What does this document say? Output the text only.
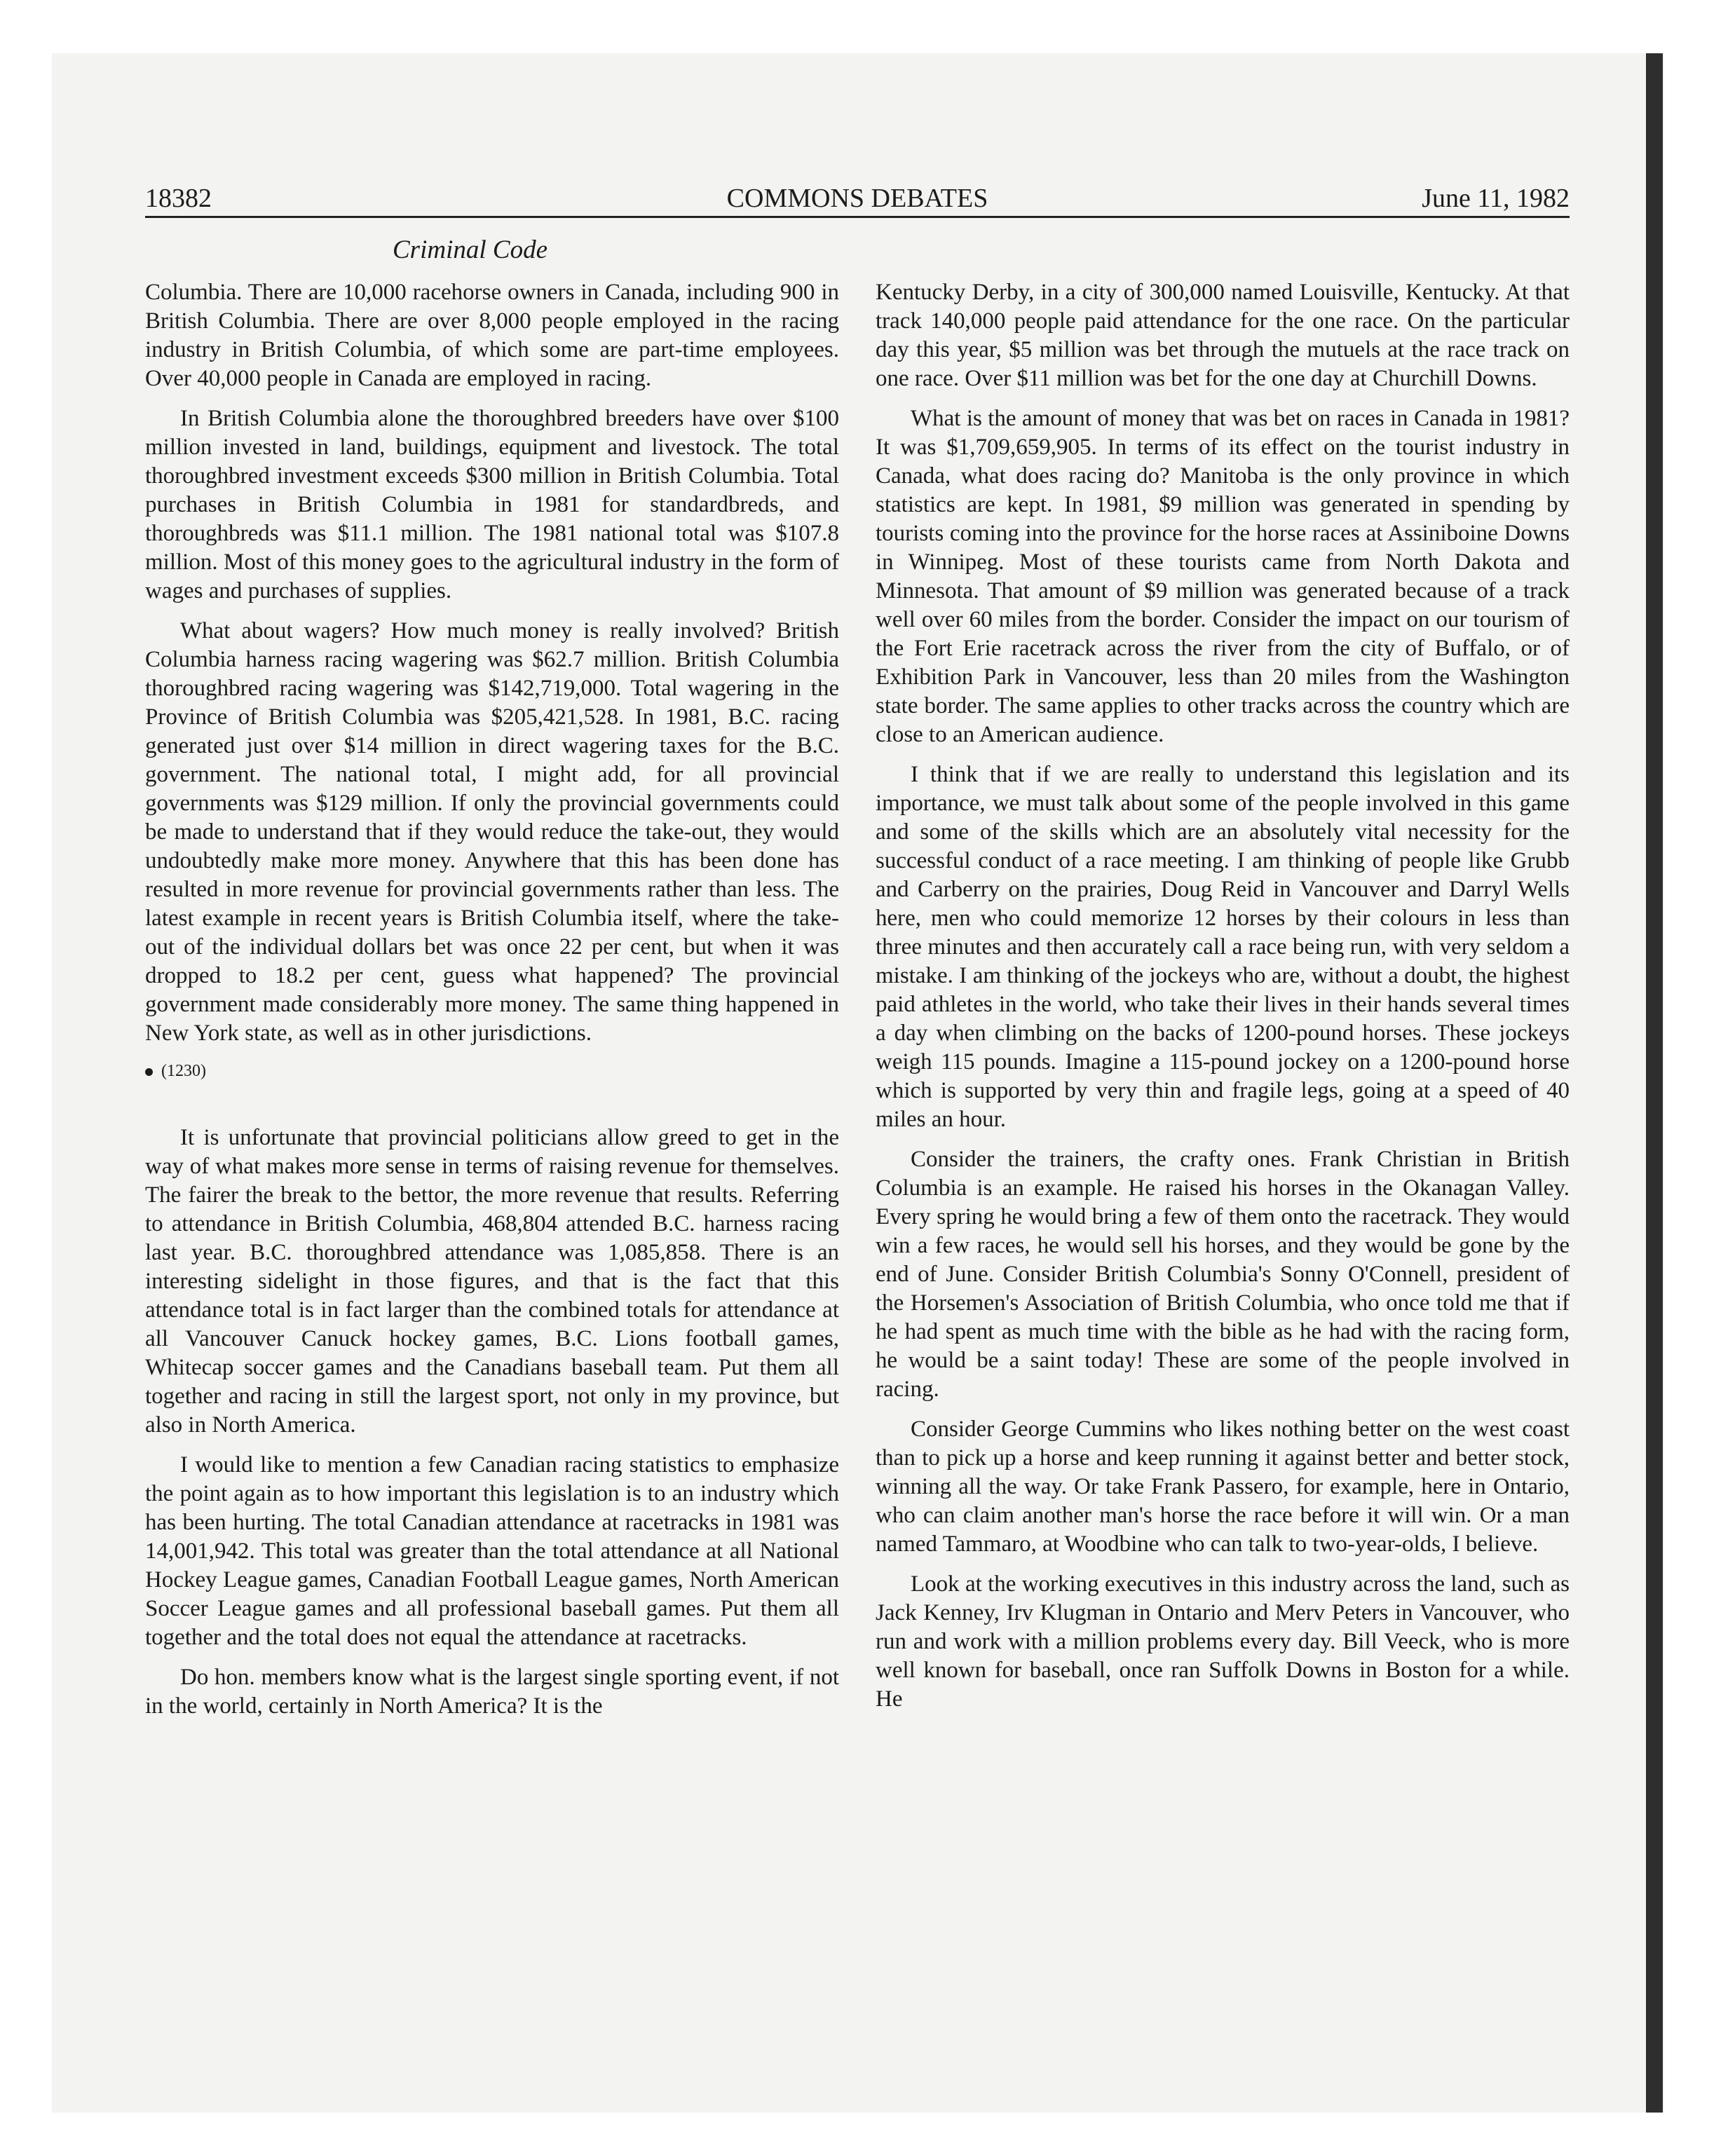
18382	COMMONS DEBATES	June 11, 1982
Criminal Code

Columbia. There are 10,000 racehorse owners in Canada, including 900 in British Columbia. There are over 8,000 people employed in the racing industry in British Columbia, of which some are part-time employees. Over 40,000 people in Canada are employed in racing.

In British Columbia alone the thoroughbred breeders have over $100 million invested in land, buildings, equipment and livestock. The total thoroughbred investment exceeds $300 million in British Columbia. Total purchases in British Columbia in 1981 for standardbreds, and thoroughbreds was $11.1 million. The 1981 national total was $107.8 million. Most of this money goes to the agricultural industry in the form of wages and purchases of supplies.

What about wagers? How much money is really involved? British Columbia harness racing wagering was $62.7 million. British Columbia thoroughbred racing wagering was $142,719,000. Total wagering in the Province of British Columbia was $205,421,528. In 1981, B.C. racing generated just over $14 million in direct wagering taxes for the B.C. government. The national total, I might add, for all provincial governments was $129 million. If only the provincial governments could be made to understand that if they would reduce the take-out, they would undoubtedly make more money. Anywhere that this has been done has resulted in more revenue for provincial governments rather than less. The latest example in recent years is British Columbia itself, where the take-out of the individual dollars bet was once 22 per cent, but when it was dropped to 18.2 per cent, guess what happened? The provincial government made considerably more money. The same thing happened in New York state, as well as in other jurisdictions.

(1230)

It is unfortunate that provincial politicians allow greed to get in the way of what makes more sense in terms of raising revenue for themselves. The fairer the break to the bettor, the more revenue that results. Referring to attendance in British Columbia, 468,804 attended B.C. harness racing last year. B.C. thoroughbred attendance was 1,085,858. There is an interesting sidelight in those figures, and that is the fact that this attendance total is in fact larger than the combined totals for attendance at all Vancouver Canuck hockey games, B.C. Lions football games, Whitecap soccer games and the Canadians baseball team. Put them all together and racing in still the largest sport, not only in my province, but also in North America.

I would like to mention a few Canadian racing statistics to emphasize the point again as to how important this legislation is to an industry which has been hurting. The total Canadian attendance at racetracks in 1981 was 14,001,942. This total was greater than the total attendance at all National Hockey League games, Canadian Football League games, North American Soccer League games and all professional baseball games. Put them all together and the total does not equal the attendance at racetracks.

Do hon. members know what is the largest single sporting event, if not in the world, certainly in North America? It is the

Kentucky Derby, in a city of 300,000 named Louisville, Kentucky. At that track 140,000 people paid attendance for the one race. On the particular day this year, $5 million was bet through the mutuels at the race track on one race. Over $11 million was bet for the one day at Churchill Downs.

What is the amount of money that was bet on races in Canada in 1981? It was $1,709,659,905. In terms of its effect on the tourist industry in Canada, what does racing do? Manitoba is the only province in which statistics are kept. In 1981, $9 million was generated in spending by tourists coming into the province for the horse races at Assiniboine Downs in Winnipeg. Most of these tourists came from North Dakota and Minnesota. That amount of $9 million was generated because of a track well over 60 miles from the border. Consider the impact on our tourism of the Fort Erie racetrack across the river from the city of Buffalo, or of Exhibition Park in Vancouver, less than 20 miles from the Washington state border. The same applies to other tracks across the country which are close to an American audience.

I think that if we are really to understand this legislation and its importance, we must talk about some of the people involved in this game and some of the skills which are an absolutely vital necessity for the successful conduct of a race meeting. I am thinking of people like Grubb and Carberry on the prairies, Doug Reid in Vancouver and Darryl Wells here, men who could memorize 12 horses by their colours in less than three minutes and then accurately call a race being run, with very seldom a mistake. I am thinking of the jockeys who are, without a doubt, the highest paid athletes in the world, who take their lives in their hands several times a day when climbing on the backs of 1200-pound horses. These jockeys weigh 115 pounds. Imagine a 115-pound jockey on a 1200-pound horse which is supported by very thin and fragile legs, going at a speed of 40 miles an hour.

Consider the trainers, the crafty ones. Frank Christian in British Columbia is an example. He raised his horses in the Okanagan Valley. Every spring he would bring a few of them onto the racetrack. They would win a few races, he would sell his horses, and they would be gone by the end of June. Consider British Columbia's Sonny O'Connell, president of the Horsemen's Association of British Columbia, who once told me that if he had spent as much time with the bible as he had with the racing form, he would be a saint today! These are some of the people involved in racing.

Consider George Cummins who likes nothing better on the west coast than to pick up a horse and keep running it against better and better stock, winning all the way. Or take Frank Passero, for example, here in Ontario, who can claim another man's horse the race before it will win. Or a man named Tammaro, at Woodbine who can talk to two-year-olds, I believe.

Look at the working executives in this industry across the land, such as Jack Kenney, Irv Klugman in Ontario and Merv Peters in Vancouver, who run and work with a million problems every day. Bill Veeck, who is more well known for baseball, once ran Suffolk Downs in Boston for a while. He
